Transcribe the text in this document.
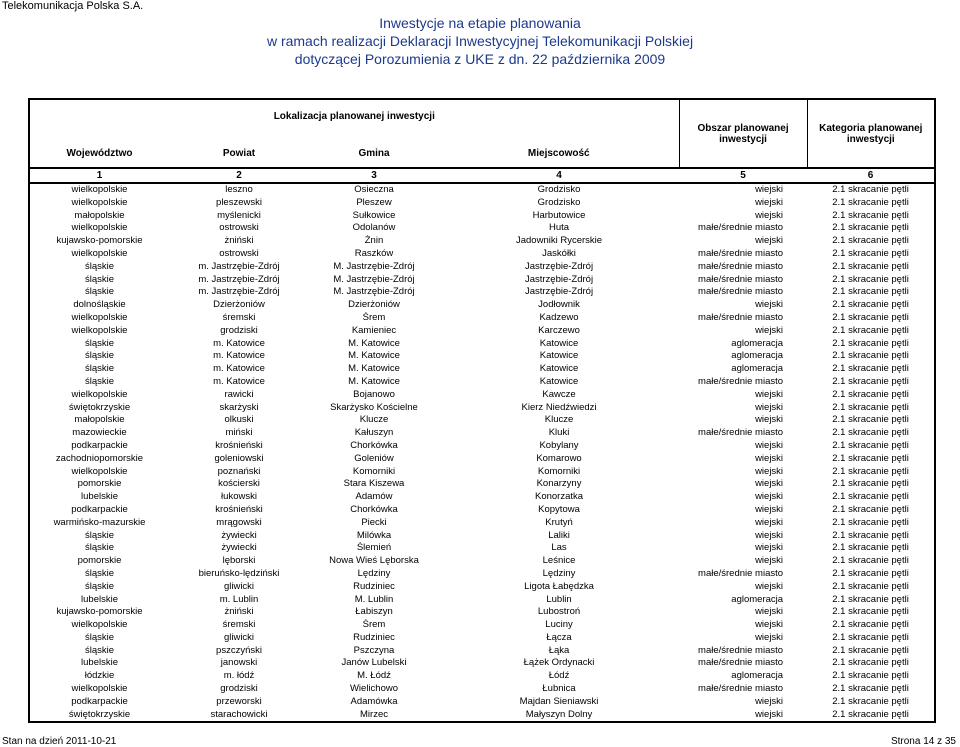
Telekomunikacja Polska S.A.
Inwestycje na etapie planowania
w ramach realizacji Deklaracji Inwestycyjnej Telekomunikacji Polskiej
dotyczącej Porozumienia z UKE z dn. 22 października 2009
Lokalizacja planowanej inwestycji				Obszar planowanej inwestycji	Kategoria planowanej inwestycji
Województwo	Powiat	Gmina	Miejscowość		
1	2	3	4	5	6
wielkopolskie	leszno	Osieczna	Grodzisko	wiejski	2.1 skracanie pętli
wielkopolskie	pleszewski	Pleszew	Grodzisko	wiejski	2.1 skracanie pętli
małopolskie	myślenicki	Sułkowice	Harbutowice	wiejski	2.1 skracanie pętli
wielkopolskie	ostrowski	Odolanów	Huta	małe/średnie miasto	2.1 skracanie pętli
kujawsko-pomorskie	żniński	Żnin	Jadowniki Rycerskie	wiejski	2.1 skracanie pętli
wielkopolskie	ostrowski	Raszków	Jaskółki	małe/średnie miasto	2.1 skracanie pętli
śląskie	m. Jastrzębie-Zdrój	M. Jastrzębie-Zdrój	Jastrzębie-Zdrój	małe/średnie miasto	2.1 skracanie pętli
śląskie	m. Jastrzębie-Zdrój	M. Jastrzębie-Zdrój	Jastrzębie-Zdrój	małe/średnie miasto	2.1 skracanie pętli
śląskie	m. Jastrzębie-Zdrój	M. Jastrzębie-Zdrój	Jastrzębie-Zdrój	małe/średnie miasto	2.1 skracanie pętli
dolnośląskie	Dzierżoniów	Dzierżoniów	Jodłownik	wiejski	2.1 skracanie pętli
wielkopolskie	śremski	Śrem	Kadzewo	małe/średnie miasto	2.1 skracanie pętli
wielkopolskie	grodziski	Kamieniec	Karczewo	wiejski	2.1 skracanie pętli
śląskie	m. Katowice	M. Katowice	Katowice	aglomeracja	2.1 skracanie pętli
śląskie	m. Katowice	M. Katowice	Katowice	aglomeracja	2.1 skracanie pętli
śląskie	m. Katowice	M. Katowice	Katowice	aglomeracja	2.1 skracanie pętli
śląskie	m. Katowice	M. Katowice	Katowice	małe/średnie miasto	2.1 skracanie pętli
wielkopolskie	rawicki	Bojanowo	Kawcze	wiejski	2.1 skracanie pętli
świętokrzyskie	skarżyski	Skarżysko Kościelne	Kierz Niedźwiedzi	wiejski	2.1 skracanie pętli
małopolskie	olkuski	Klucze	Klucze	wiejski	2.1 skracanie pętli
mazowieckie	miński	Kałuszyn	Kluki	małe/średnie miasto	2.1 skracanie pętli
podkarpackie	krośnieński	Chorkówka	Kobylany	wiejski	2.1 skracanie pętli
zachodniopomorskie	goleniowski	Goleniów	Komarowo	wiejski	2.1 skracanie pętli
wielkopolskie	poznański	Komorniki	Komorniki	wiejski	2.1 skracanie pętli
pomorskie	kościerski	Stara Kiszewa	Konarzyny	wiejski	2.1 skracanie pętli
lubelskie	łukowski	Adamów	Konorzatka	wiejski	2.1 skracanie pętli
podkarpackie	krośnieński	Chorkówka	Kopytowa	wiejski	2.1 skracanie pętli
warmińsko-mazurskie	mrągowski	Piecki	Krutyń	wiejski	2.1 skracanie pętli
śląskie	żywiecki	Milówka	Laliki	wiejski	2.1 skracanie pętli
śląskie	żywiecki	Ślemień	Las	wiejski	2.1 skracanie pętli
pomorskie	lęborski	Nowa Wieś Lęborska	Leśnice	wiejski	2.1 skracanie pętli
śląskie	bieruńsko-lędziński	Lędziny	Lędziny	małe/średnie miasto	2.1 skracanie pętli
śląskie	gliwicki	Rudziniec	Ligota Łabędzka	wiejski	2.1 skracanie pętli
lubelskie	m. Lublin	M. Lublin	Lublin	aglomeracja	2.1 skracanie pętli
kujawsko-pomorskie	żniński	Łabiszyn	Lubostroń	wiejski	2.1 skracanie pętli
wielkopolskie	śremski	Śrem	Luciny	wiejski	2.1 skracanie pętli
śląskie	gliwicki	Rudziniec	Łącza	wiejski	2.1 skracanie pętli
śląskie	pszczyński	Pszczyna	Łąka	małe/średnie miasto	2.1 skracanie pętli
lubelskie	janowski	Janów Lubelski	Łążek Ordynacki	małe/średnie miasto	2.1 skracanie pętli
łódzkie	m. łódź	M. Łódź	Łódź	aglomeracja	2.1 skracanie pętli
wielkopolskie	grodziski	Wielichowo	Łubnica	małe/średnie miasto	2.1 skracanie pętli
podkarpackie	przeworski	Adamówka	Majdan Sieniawski	wiejski	2.1 skracanie pętli
świętokrzyskie	starachowicki	Mirzec	Małyszyn Dolny	wiejski	2.1 skracanie pętli
Stan na dzień 2011-10-21	Strona 14 z 35
